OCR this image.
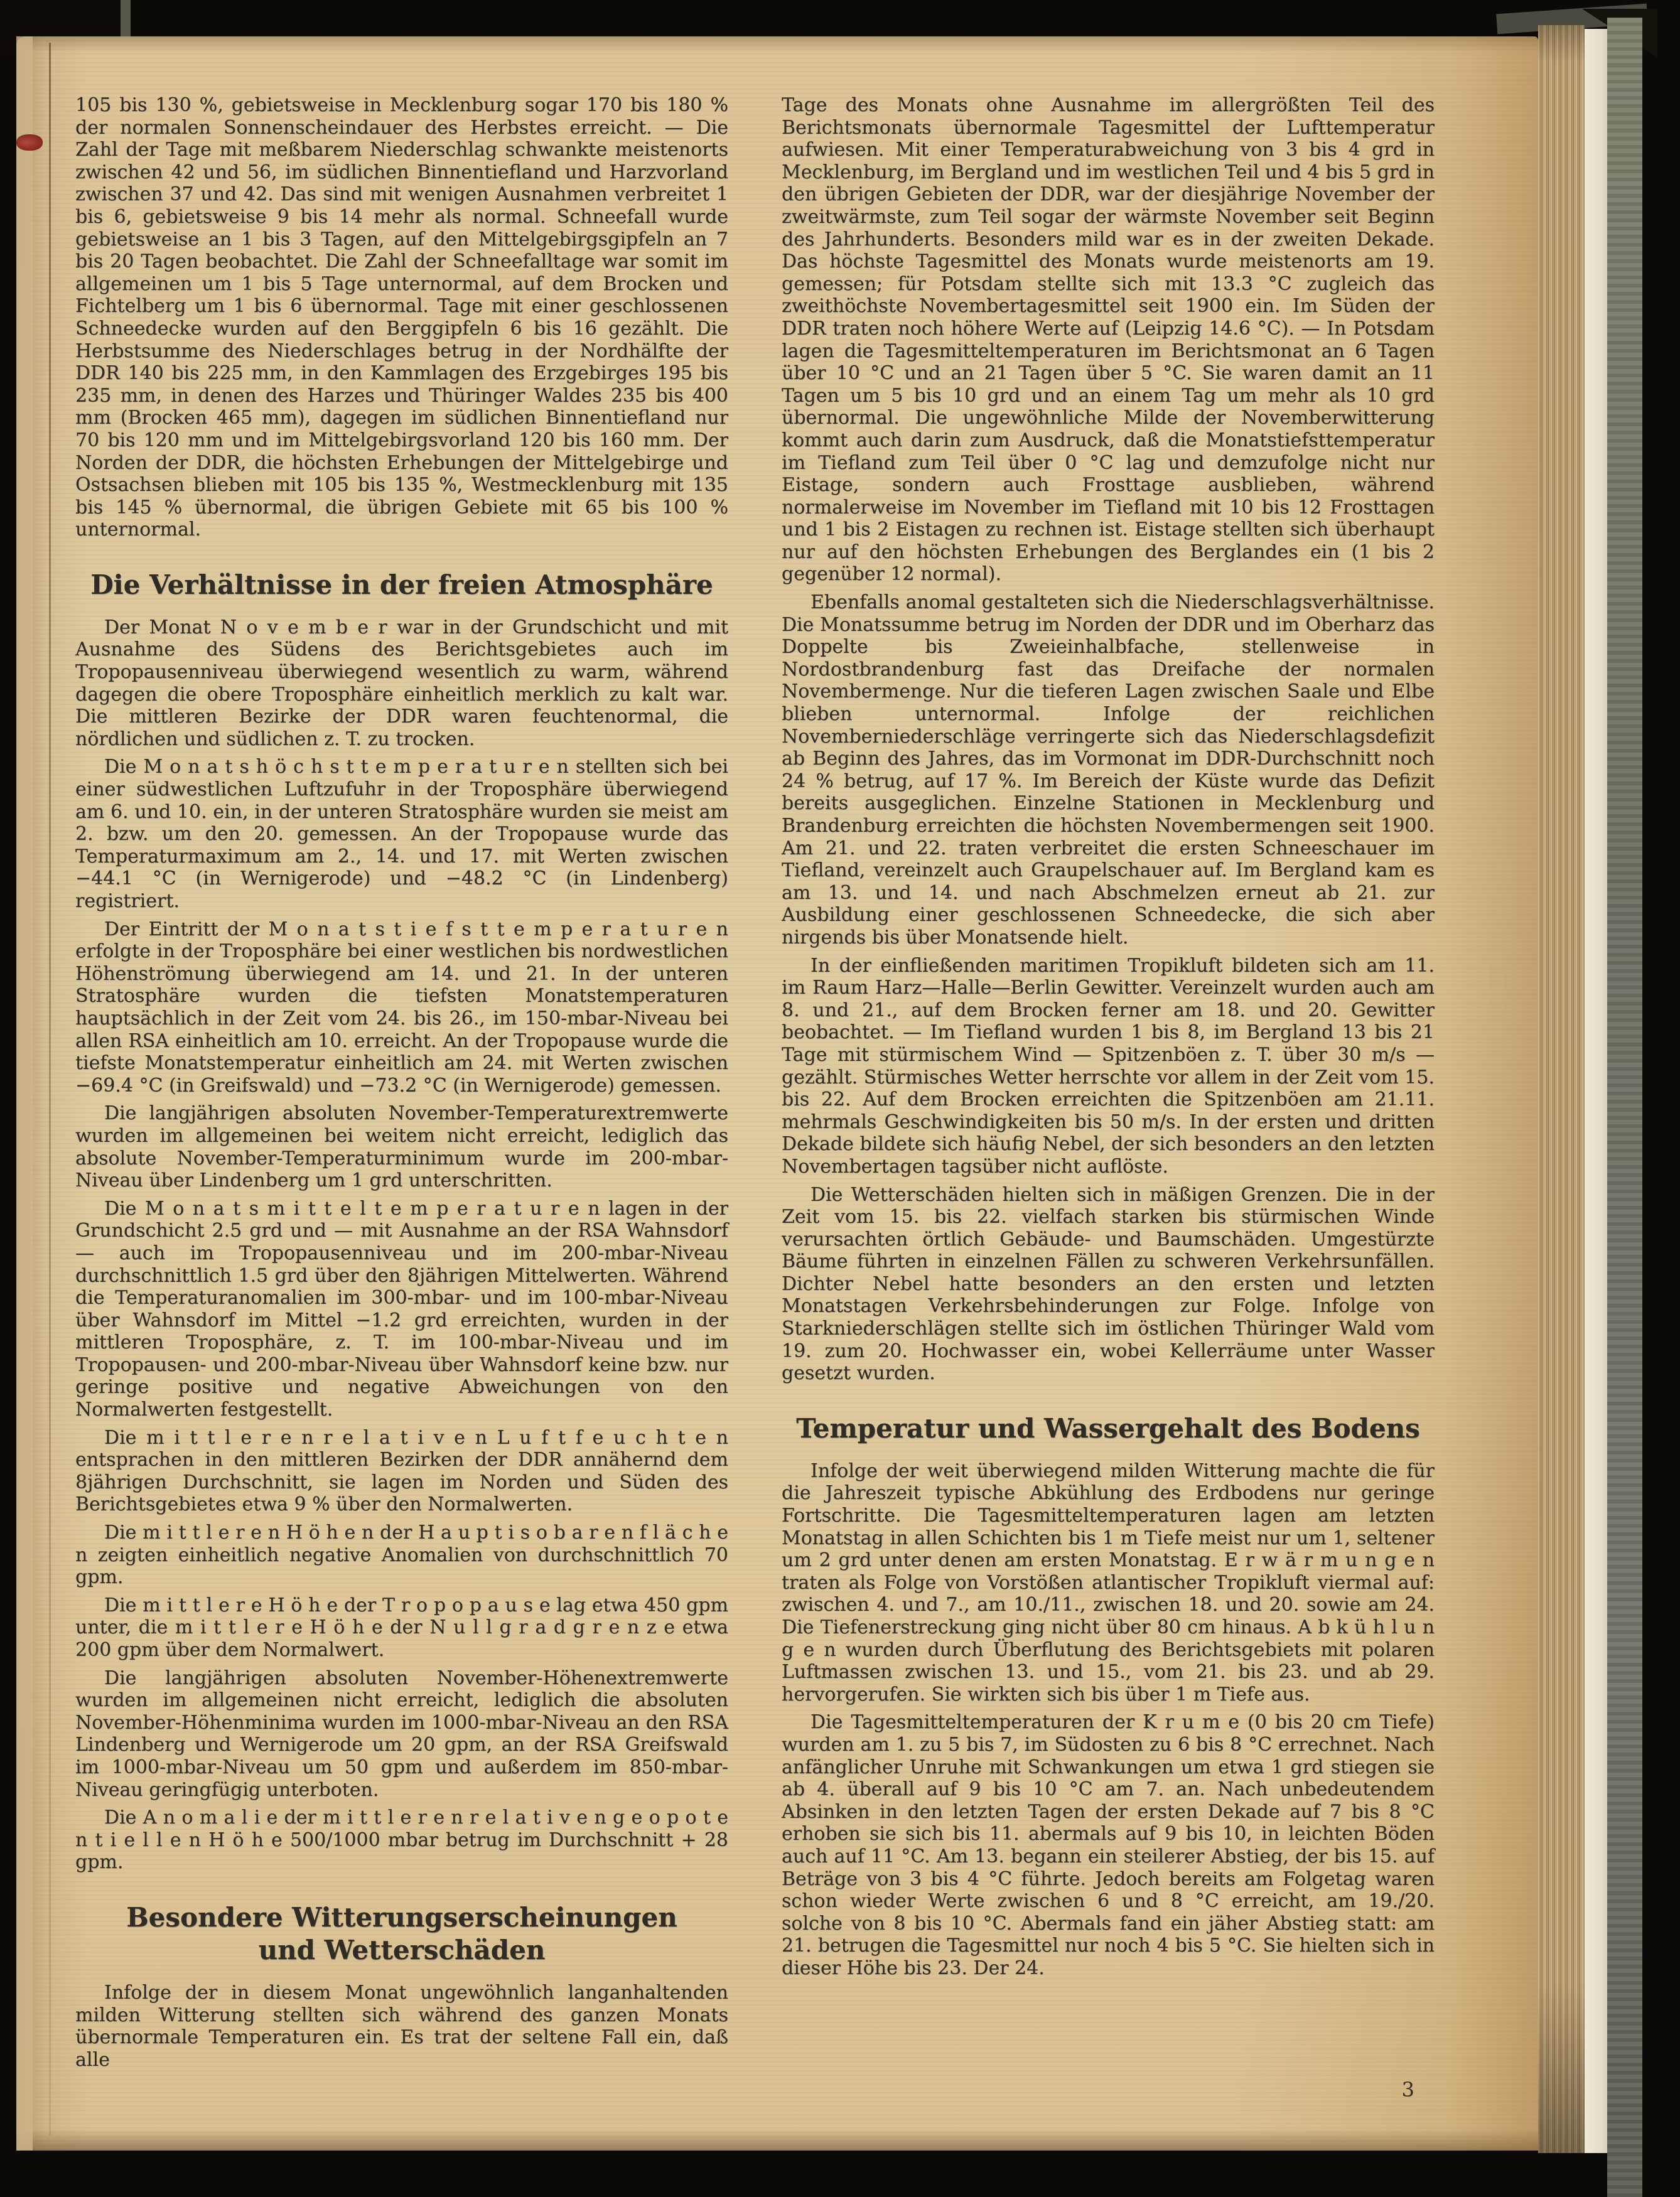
105 bis 130 %, gebietsweise in Mecklenburg sogar 170 bis 180 % der normalen Sonnenscheindauer des Herbstes erreicht. — Die Zahl der Tage mit meßbarem Niederschlag schwankte meistenorts zwischen 42 und 56, im südlichen Binnentiefland und Harzvorland zwischen 37 und 42. Das sind mit wenigen Ausnahmen verbreitet 1 bis 6, gebietsweise 9 bis 14 mehr als normal. Schneefall wurde gebietsweise an 1 bis 3 Tagen, auf den Mittelgebirgsgipfeln an 7 bis 20 Tagen beobachtet. Die Zahl der Schneefalltage war somit im allgemeinen um 1 bis 5 Tage unternormal, auf dem Brocken und Fichtelberg um 1 bis 6 übernormal. Tage mit einer geschlossenen Schneedecke wurden auf den Berggipfeln 6 bis 16 gezählt. Die Herbstsumme des Niederschlages betrug in der Nordhälfte der DDR 140 bis 225 mm, in den Kammlagen des Erzgebirges 195 bis 235 mm, in denen des Harzes und Thüringer Waldes 235 bis 400 mm (Brocken 465 mm), dagegen im südlichen Binnentiefland nur 70 bis 120 mm und im Mittelgebirgsvorland 120 bis 160 mm. Der Norden der DDR, die höchsten Erhebungen der Mittelgebirge und Ostsachsen blieben mit 105 bis 135 %, Westmecklenburg mit 135 bis 145 % übernormal, die übrigen Gebiete mit 65 bis 100 % unternormal.

Die Verhältnisse in der freien Atmosphäre

Der Monat N o v e m b e r war in der Grundschicht und mit Ausnahme des Südens des Berichtsgebietes auch im Tropopausenniveau überwiegend wesentlich zu warm, während dagegen die obere Troposphäre einheitlich merklich zu kalt war. Die mittleren Bezirke der DDR waren feuchtenormal, die nördlichen und südlichen z. T. zu trocken.

Die M o n a t s h ö c h s t t e m p e r a t u r e n stellten sich bei einer südwestlichen Luftzufuhr in der Troposphäre überwiegend am 6. und 10. ein, in der unteren Stratosphäre wurden sie meist am 2. bzw. um den 20. gemessen. An der Tropopause wurde das Temperaturmaximum am 2., 14. und 17. mit Werten zwischen −44.1 °C (in Wernigerode) und −48.2 °C (in Lindenberg) registriert.

Der Eintritt der M o n a t s t i e f s t t e m p e r a t u r e n erfolgte in der Troposphäre bei einer westlichen bis nordwestlichen Höhenströmung überwiegend am 14. und 21. In der unteren Stratosphäre wurden die tiefsten Monatstemperaturen hauptsächlich in der Zeit vom 24. bis 26., im 150-mbar-Niveau bei allen RSA einheitlich am 10. erreicht. An der Tropopause wurde die tiefste Monatstemperatur einheitlich am 24. mit Werten zwischen −69.4 °C (in Greifswald) und −73.2 °C (in Wernigerode) gemessen.

Die langjährigen absoluten November-Temperaturextremwerte wurden im allgemeinen bei weitem nicht erreicht, lediglich das absolute November-Temperaturminimum wurde im 200-mbar-Niveau über Lindenberg um 1 grd unterschritten.

Die M o n a t s m i t t e l t e m p e r a t u r e n lagen in der Grundschicht 2.5 grd und — mit Ausnahme an der RSA Wahnsdorf — auch im Tropopausenniveau und im 200-mbar-Niveau durchschnittlich 1.5 grd über den 8jährigen Mittelwerten. Während die Temperaturanomalien im 300-mbar- und im 100-mbar-Niveau über Wahnsdorf im Mittel −1.2 grd erreichten, wurden in der mittleren Troposphäre, z. T. im 100-mbar-Niveau und im Tropopausen- und 200-mbar-Niveau über Wahnsdorf keine bzw. nur geringe positive und negative Abweichungen von den Normalwerten festgestellt.

Die m i t t l e r e n r e l a t i v e n L u f t f e u c h t e n entsprachen in den mittleren Bezirken der DDR annähernd dem 8jährigen Durchschnitt, sie lagen im Norden und Süden des Berichtsgebietes etwa 9 % über den Normalwerten.

Die m i t t l e r e n H ö h e n der H a u p t i s o b a r e n f l ä c h e n zeigten einheitlich negative Anomalien von durchschnittlich 70 gpm.

Die m i t t l e r e H ö h e der T r o p o p a u s e lag etwa 450 gpm unter, die m i t t l e r e H ö h e der N u l l g r a d g r e n z e etwa 200 gpm über dem Normalwert.

Die langjährigen absoluten November-Höhenextremwerte wurden im allgemeinen nicht erreicht, lediglich die absoluten November-Höhenminima wurden im 1000-mbar-Niveau an den RSA Lindenberg und Wernigerode um 20 gpm, an der RSA Greifswald im 1000-mbar-Niveau um 50 gpm und außerdem im 850-mbar-Niveau geringfügig unterboten.

Die A n o m a l i e der m i t t l e r e n r e l a t i v e n g e o p o t e n t i e l l e n H ö h e 500/1000 mbar betrug im Durchschnitt + 28 gpm.

Besondere Witterungserscheinungen
und Wetterschäden

Infolge der in diesem Monat ungewöhnlich langanhaltenden milden Witterung stellten sich während des ganzen Monats übernormale Temperaturen ein. Es trat der seltene Fall ein, daß alle

Tage des Monats ohne Ausnahme im allergrößten Teil des Berichtsmonats übernormale Tagesmittel der Lufttemperatur aufwiesen. Mit einer Temperaturabweichung von 3 bis 4 grd in Mecklenburg, im Bergland und im westlichen Teil und 4 bis 5 grd in den übrigen Gebieten der DDR, war der diesjährige November der zweitwärmste, zum Teil sogar der wärmste November seit Beginn des Jahrhunderts. Besonders mild war es in der zweiten Dekade. Das höchste Tagesmittel des Monats wurde meistenorts am 19. gemessen; für Potsdam stellte sich mit 13.3 °C zugleich das zweithöchste Novembertagesmittel seit 1900 ein. Im Süden der DDR traten noch höhere Werte auf (Leipzig 14.6 °C). — In Potsdam lagen die Tagesmitteltemperaturen im Berichtsmonat an 6 Tagen über 10 °C und an 21 Tagen über 5 °C. Sie waren damit an 11 Tagen um 5 bis 10 grd und an einem Tag um mehr als 10 grd übernormal. Die ungewöhnliche Milde der Novemberwitterung kommt auch darin zum Ausdruck, daß die Monatstiefsttemperatur im Tiefland zum Teil über 0 °C lag und demzufolge nicht nur Eistage, sondern auch Frosttage ausblieben, während normalerweise im November im Tiefland mit 10 bis 12 Frosttagen und 1 bis 2 Eistagen zu rechnen ist. Eistage stellten sich überhaupt nur auf den höchsten Erhebungen des Berglandes ein (1 bis 2 gegenüber 12 normal).

Ebenfalls anomal gestalteten sich die Niederschlagsverhältnisse. Die Monatssumme betrug im Norden der DDR und im Oberharz das Doppelte bis Zweieinhalbfache, stellenweise in Nordostbrandenburg fast das Dreifache der normalen Novembermenge. Nur die tieferen Lagen zwischen Saale und Elbe blieben unternormal. Infolge der reichlichen Novemberniederschläge verringerte sich das Niederschlagsdefizit ab Beginn des Jahres, das im Vormonat im DDR-Durchschnitt noch 24 % betrug, auf 17 %. Im Bereich der Küste wurde das Defizit bereits ausgeglichen. Einzelne Stationen in Mecklenburg und Brandenburg erreichten die höchsten Novembermengen seit 1900. Am 21. und 22. traten verbreitet die ersten Schneeschauer im Tiefland, vereinzelt auch Graupelschauer auf. Im Bergland kam es am 13. und 14. und nach Abschmelzen erneut ab 21. zur Ausbildung einer geschlossenen Schneedecke, die sich aber nirgends bis über Monatsende hielt.

In der einfließenden maritimen Tropikluft bildeten sich am 11. im Raum Harz—Halle—Berlin Gewitter. Vereinzelt wurden auch am 8. und 21., auf dem Brocken ferner am 18. und 20. Gewitter beobachtet. — Im Tiefland wurden 1 bis 8, im Bergland 13 bis 21 Tage mit stürmischem Wind — Spitzenböen z. T. über 30 m/s — gezählt. Stürmisches Wetter herrschte vor allem in der Zeit vom 15. bis 22. Auf dem Brocken erreichten die Spitzenböen am 21.11. mehrmals Geschwindigkeiten bis 50 m/s. In der ersten und dritten Dekade bildete sich häufig Nebel, der sich besonders an den letzten Novembertagen tagsüber nicht auflöste.

Die Wetterschäden hielten sich in mäßigen Grenzen. Die in der Zeit vom 15. bis 22. vielfach starken bis stürmischen Winde verursachten örtlich Gebäude- und Baumschäden. Umgestürzte Bäume führten in einzelnen Fällen zu schweren Verkehrsunfällen. Dichter Nebel hatte besonders an den ersten und letzten Monatstagen Verkehrsbehinderungen zur Folge. Infolge von Starkniederschlägen stellte sich im östlichen Thüringer Wald vom 19. zum 20. Hochwasser ein, wobei Kellerräume unter Wasser gesetzt wurden.

Temperatur und Wassergehalt des Bodens

Infolge der weit überwiegend milden Witterung machte die für die Jahreszeit typische Abkühlung des Erdbodens nur geringe Fortschritte. Die Tagesmitteltemperaturen lagen am letzten Monatstag in allen Schichten bis 1 m Tiefe meist nur um 1, seltener um 2 grd unter denen am ersten Monatstag. E r w ä r m u n g e n traten als Folge von Vorstößen atlantischer Tropikluft viermal auf: zwischen 4. und 7., am 10./11., zwischen 18. und 20. sowie am 24. Die Tiefenerstreckung ging nicht über 80 cm hinaus. A b k ü h l u n g e n wurden durch Überflutung des Berichtsgebiets mit polaren Luftmassen zwischen 13. und 15., vom 21. bis 23. und ab 29. hervorgerufen. Sie wirkten sich bis über 1 m Tiefe aus.

Die Tagesmitteltemperaturen der K r u m e (0 bis 20 cm Tiefe) wurden am 1. zu 5 bis 7, im Südosten zu 6 bis 8 °C errechnet. Nach anfänglicher Unruhe mit Schwankungen um etwa 1 grd stiegen sie ab 4. überall auf 9 bis 10 °C am 7. an. Nach unbedeutendem Absinken in den letzten Tagen der ersten Dekade auf 7 bis 8 °C erhoben sie sich bis 11. abermals auf 9 bis 10, in leichten Böden auch auf 11 °C. Am 13. begann ein steilerer Abstieg, der bis 15. auf Beträge von 3 bis 4 °C führte. Jedoch bereits am Folgetag waren schon wieder Werte zwischen 6 und 8 °C erreicht, am 19./20. solche von 8 bis 10 °C. Abermals fand ein jäher Abstieg statt: am 21. betrugen die Tagesmittel nur noch 4 bis 5 °C. Sie hielten sich in dieser Höhe bis 23. Der 24.

3
